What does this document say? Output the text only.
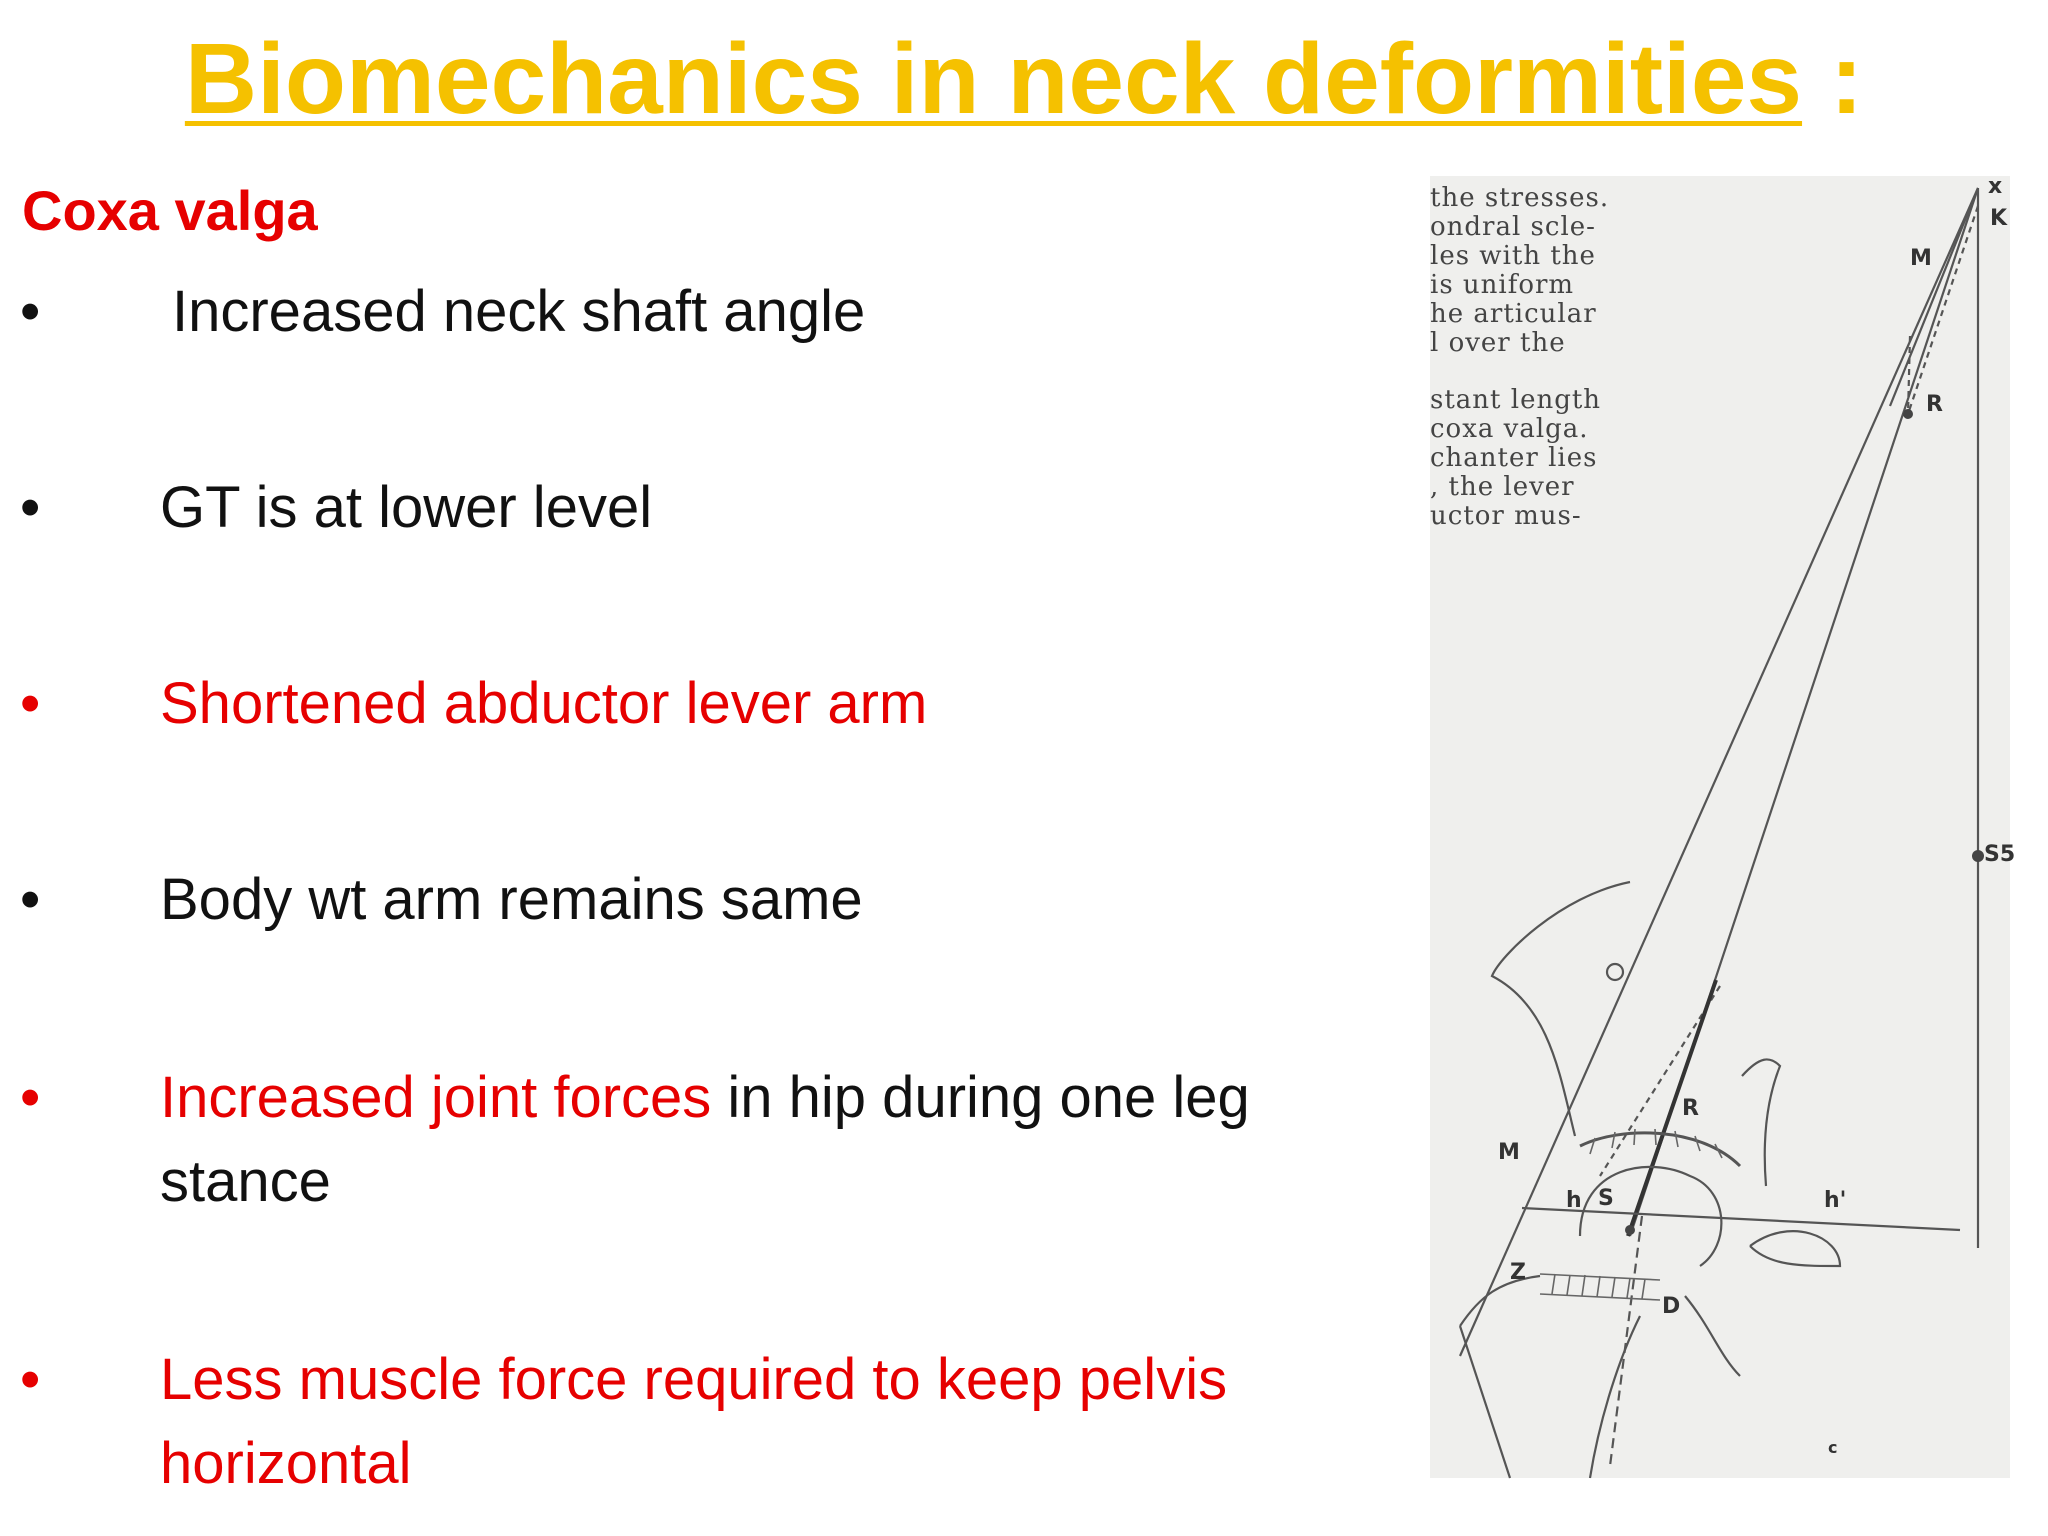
Biomechanics in neck deformities :
Coxa valga
•	Increased neck shaft angle
•	GT is at lower level
•	Shortened abductor lever arm
•	Body wt arm remains same
•	Increased joint forces in hip during one leg stance
•	Less muscle force required to keep pelvis horizontal
the stresses.
ondral scle-
les with the
is uniform
he articular
l over the
stant length
coxa valga.
chanter lies
, the lever
uctor mus-
x
K
M
R
S5
R
M
h S	h'
Z
D
c
